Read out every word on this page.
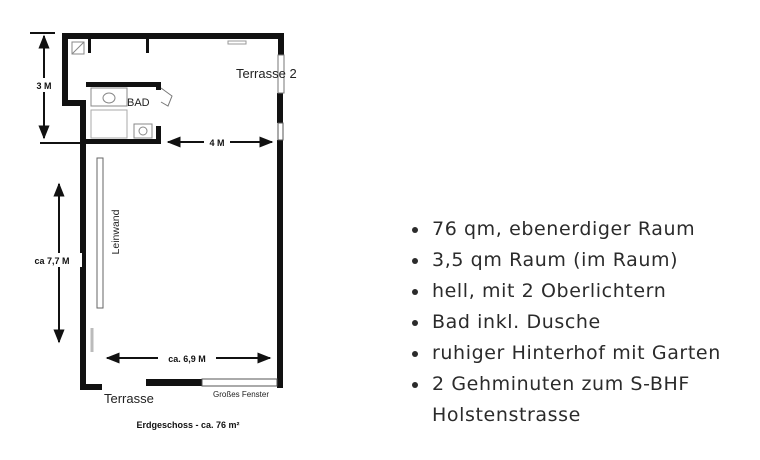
BAD
Leinwand
Großes Fenster
3 M
4 M
ca 7,7 M
ca. 6,9 M
Terrasse 2
Terrasse
Erdgeschoss - ca. 76 m²
76 qm, ebenerdiger Raum
3,5 qm Raum (im Raum)
hell, mit 2 Oberlichtern
Bad inkl. Dusche
ruhiger Hinterhof mit Garten
2 Gehminuten zum S-BHF Holstenstrasse
